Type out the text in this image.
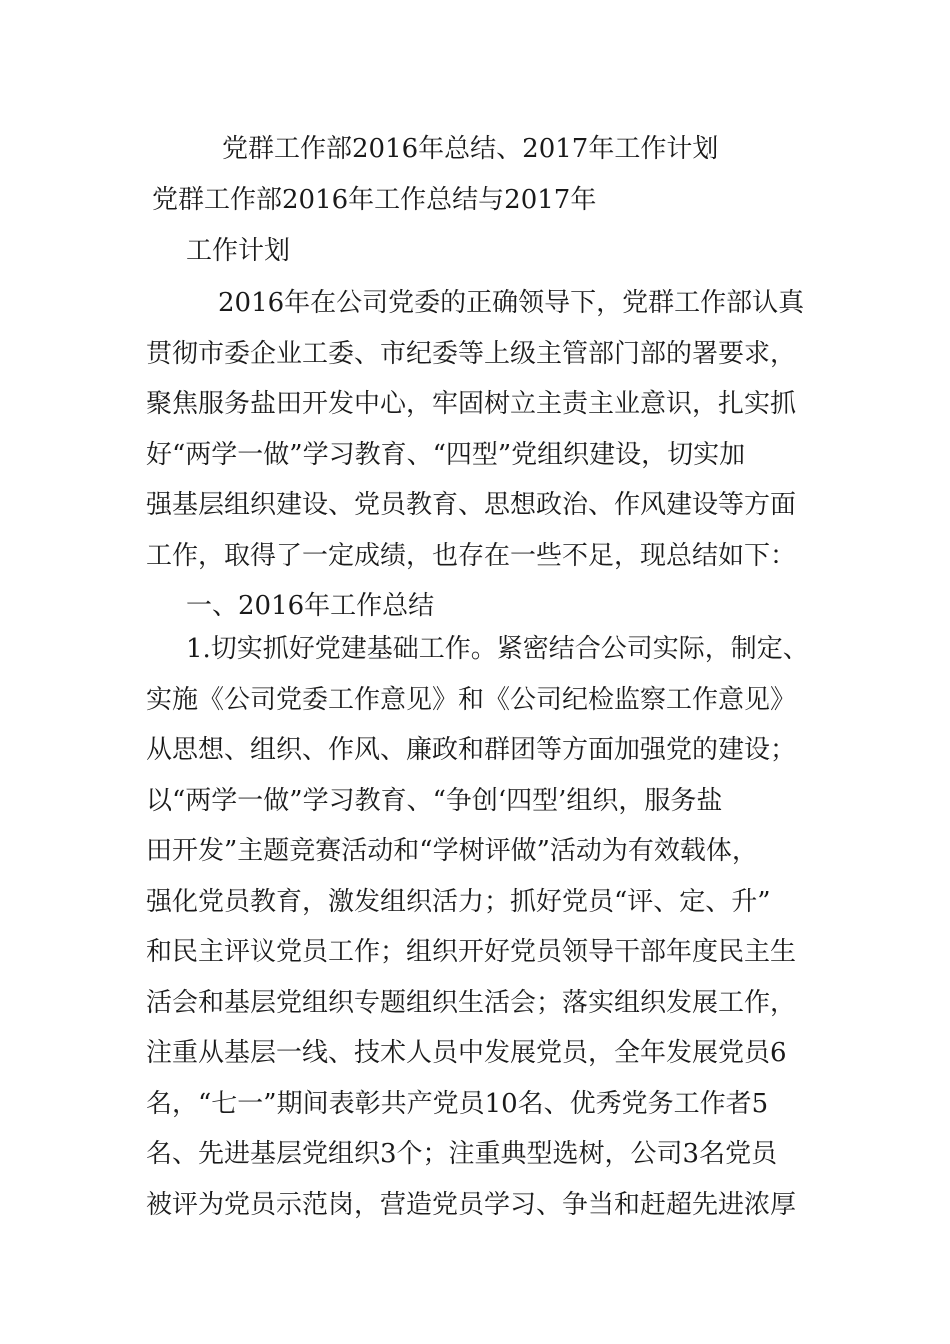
党群工作部2016年总结、2017年工作计划
党群工作部2016年工作总结与2017年
工作计划
2016年在公司党委的正确领导下，党群工作部认真
贯彻市委企业工委、市纪委等上级主管部门部的署要求，
聚焦服务盐田开发中心，牢固树立主责主业意识，扎实抓
好“两学一做”学习教育、“四型”党组织建设，切实加
强基层组织建设、党员教育、思想政治、作风建设等方面
工作，取得了一定成绩，也存在一些不足，现总结如下：
一、2016年工作总结
1.切实抓好党建基础工作。紧密结合公司实际，制定、
实施《公司党委工作意见》和《公司纪检监察工作意见》
从思想、组织、作风、廉政和群团等方面加强党的建设；
以“两学一做”学习教育、“争创‘四型’组织，服务盐
田开发”主题竞赛活动和“学树评做”活动为有效载体，
强化党员教育，激发组织活力；抓好党员“评、定、升”
和民主评议党员工作；组织开好党员领导干部年度民主生
活会和基层党组织专题组织生活会；落实组织发展工作，
注重从基层一线、技术人员中发展党员，全年发展党员6
名，“七一”期间表彰共产党员10名、优秀党务工作者5
名、先进基层党组织3个；注重典型选树，公司3名党员
被评为党员示范岗，营造党员学习、争当和赶超先进浓厚
